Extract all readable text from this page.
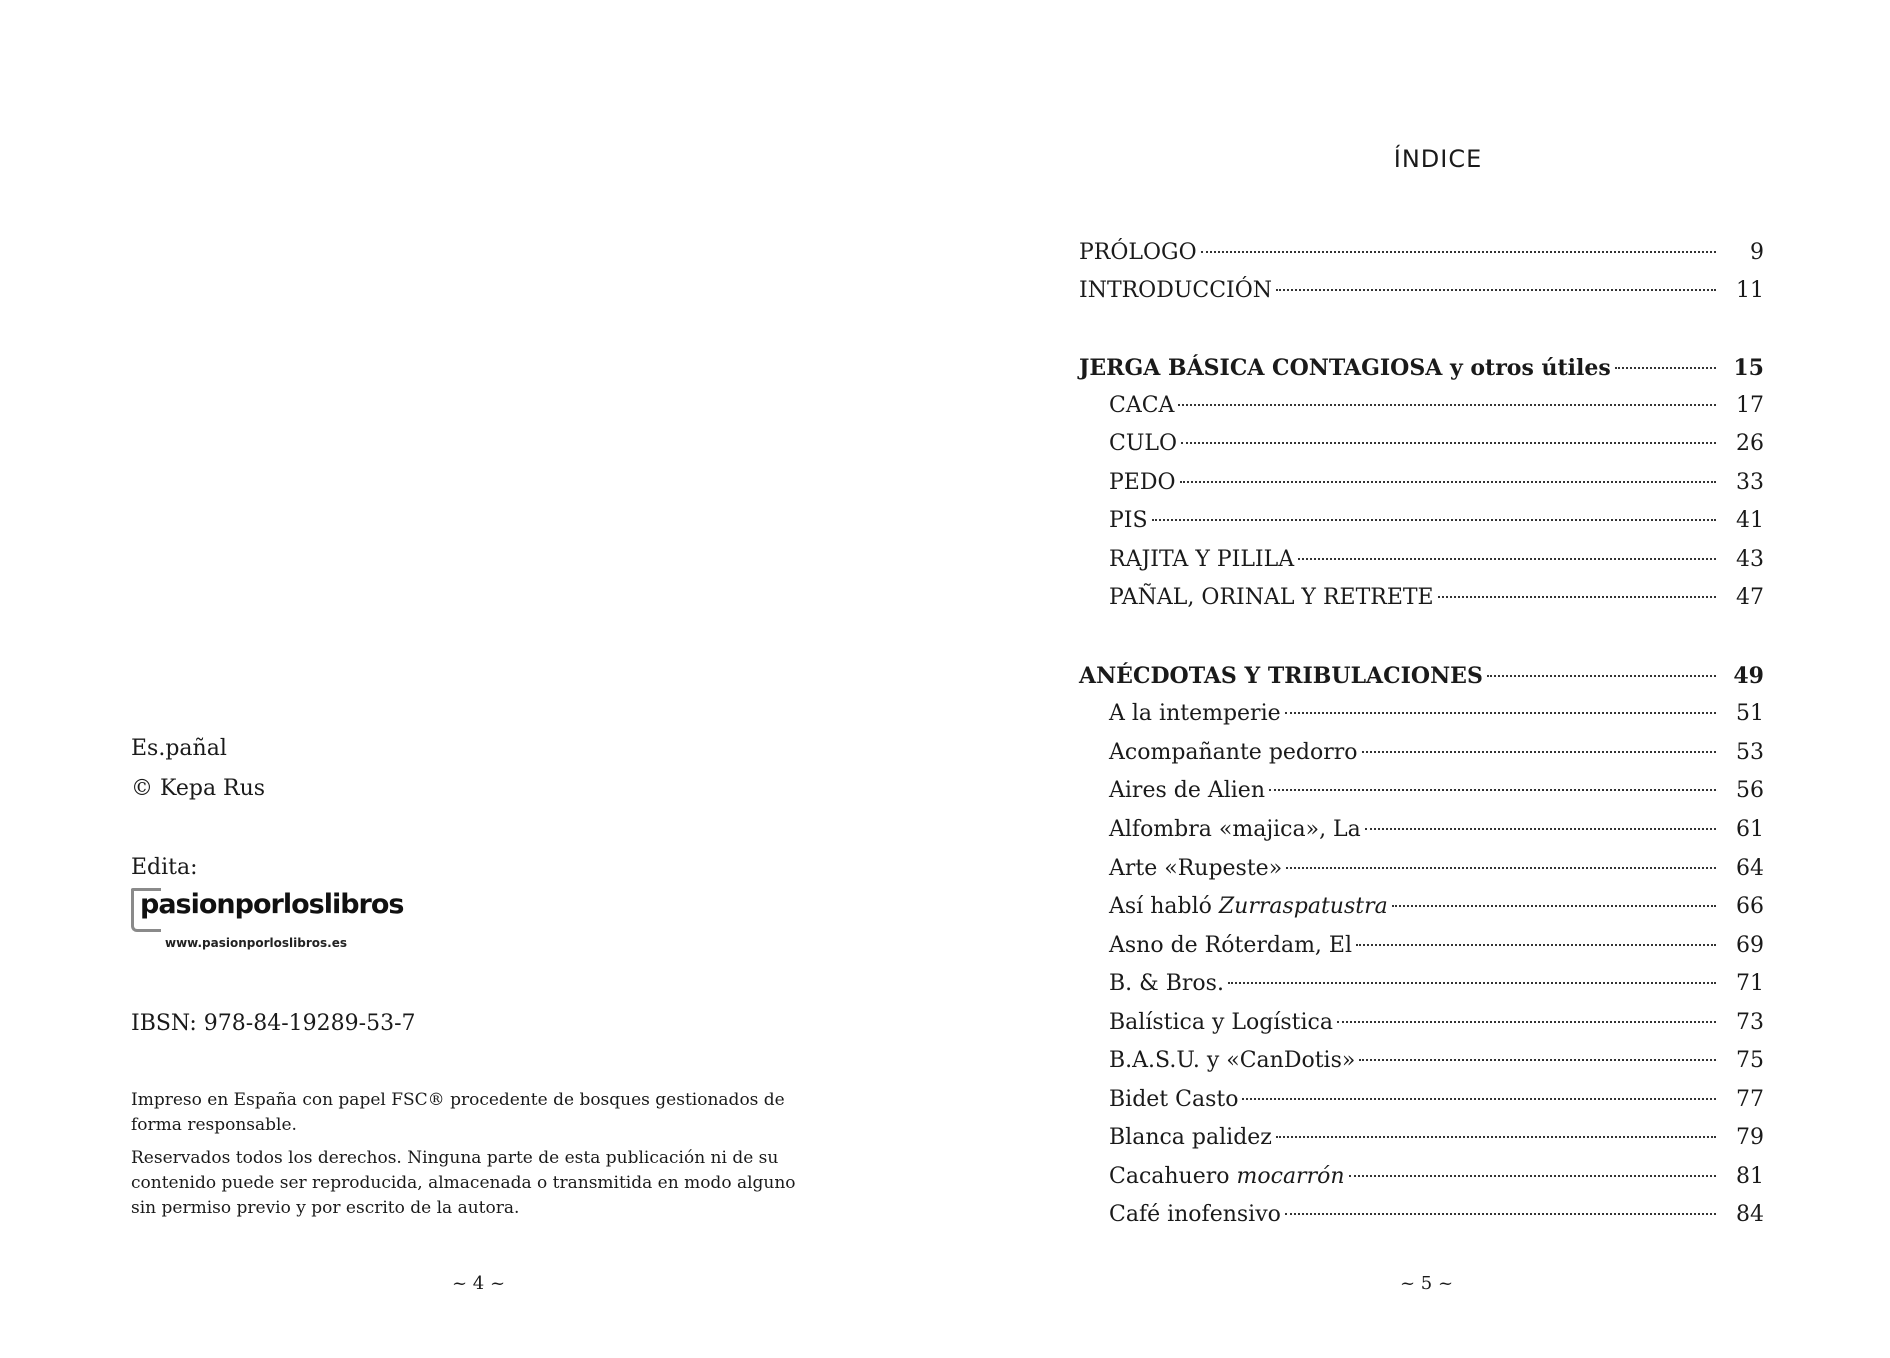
Es.pañal
© Kepa Rus
Edita:
pasionporloslibros
www.pasionporloslibros.es
IBSN: 978-84-19289-53-7
Impreso en España con papel FSC® procedente de bosques gestionados de forma responsable.
Reservados todos los derechos. Ninguna parte de esta publicación ni de su contenido puede ser reproducida, almacenada o transmitida en modo alguno sin permiso previo y por escrito de la autora.
~ 4 ~
ÍNDICE
PRÓLOGO	9
INTRODUCCIÓN	11
JERGA BÁSICA CONTAGIOSA y otros útiles	15
CACA	17
CULO	26
PEDO	33
PIS	41
RAJITA Y PILILA	43
PAÑAL, ORINAL Y RETRETE	47
ANÉCDOTAS Y TRIBULACIONES	49
A la intemperie	51
Acompañante pedorro	53
Aires de Alien	56
Alfombra «majica», La	61
Arte «Rupeste»	64
Así habló Zurraspatustra	66
Asno de Róterdam, El	69
B. & Bros.	71
Balística y Logística	73
B.A.S.U. y «CanDotis»	75
Bidet Casto	77
Blanca palidez	79
Cacahuero mocarrón	81
Café inofensivo	84
~ 5 ~
